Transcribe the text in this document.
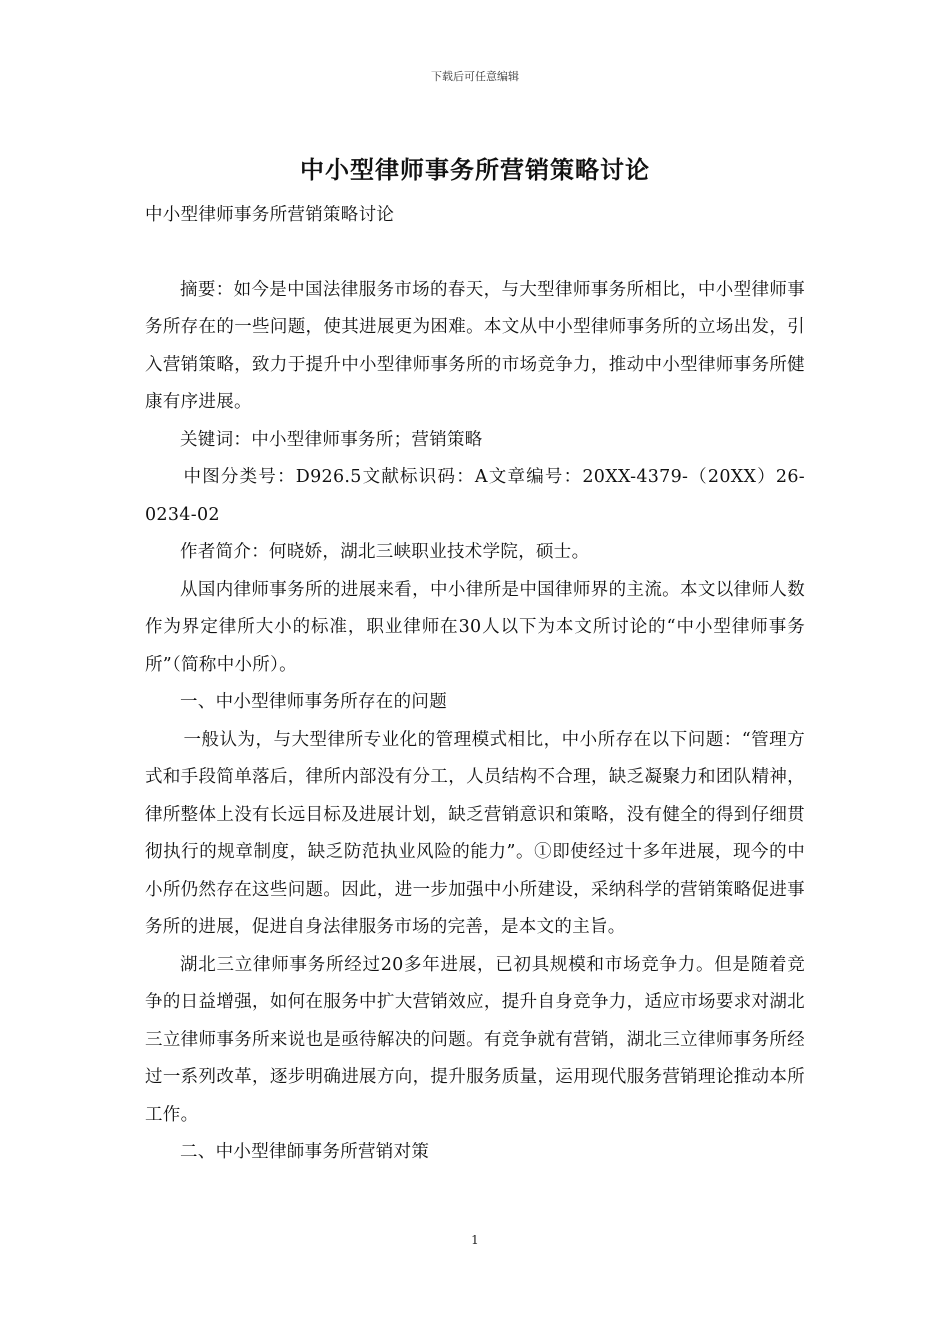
下载后可任意编辑
中小型律师事务所营销策略讨论

中小型律师事务所营销策略讨论

摘要：如今是中国法律服务市场的春天，与大型律师事务所相比，中小型律师事务所存在的一些问题，使其进展更为困难。本文从中小型律师事务所的立场出发，引入营销策略，致力于提升中小型律师事务所的市场竞争力，推动中小型律师事务所健康有序进展。

关键词：中小型律师事务所；营销策略

中图分类号：D926.5文献标识码：A文章编号：20XX-4379-（20XX）26-0234-02

作者简介：何晓娇，湖北三峡职业技术学院，硕士。

从国内律师事务所的进展来看，中小律所是中国律师界的主流。本文以律师人数作为界定律所大小的标准，职业律师在30人以下为本文所讨论的“中小型律师事务所”（简称中小所）。

一、中小型律师事务所存在的问题

一般认为，与大型律所专业化的管理模式相比，中小所存在以下问题：“管理方式和手段简单落后，律所内部没有分工，人员结构不合理，缺乏凝聚力和团队精神，律所整体上没有长远目标及进展计划，缺乏营销意识和策略，没有健全的得到仔细贯彻执行的规章制度，缺乏防范执业风险的能力”。①即使经过十多年进展，现今的中小所仍然存在这些问题。因此，进一步加强中小所建设，采纳科学的营销策略促进事务所的进展，促进自身法律服务市场的完善，是本文的主旨。

湖北三立律师事务所经过20多年进展，已初具规模和市场竞争力。但是随着竞争的日益增强，如何在服务中扩大营销效应，提升自身竞争力，适应市场要求对湖北三立律师事务所来说也是亟待解决的问题。有竞争就有营销，湖北三立律师事务所经过一系列改革，逐步明确进展方向，提升服务质量，运用现代服务营销理论推动本所工作。

二、中小型律師事务所营销对策

1
